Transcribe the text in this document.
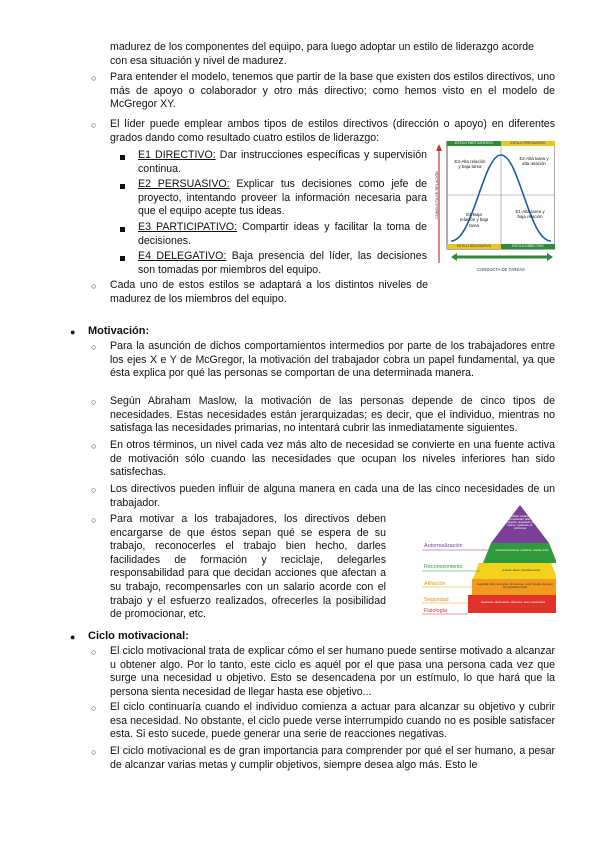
madurez de los componentes del equipo, para luego adoptar un estilo de liderazgo acorde
con esa situación y nivel de madurez.
○ Para entender el modelo, tenemos que partir de la base que existen dos estilos directivos, uno más de apoyo o colaborador y otro más directivo; como hemos visto en el modelo de McGregor XY.
○ El líder puede emplear ambos tipos de estilos directivos (dirección o apoyo) en diferentes grados dando como resultado cuatro estilos de liderazgo:
E1 DIRECTIVO: Dar instrucciones específicas y supervisión continua.
E2 PERSUASIVO: Explicar tus decisiones como jefe de proyecto, intentando proveer la información necesaria para que el equipo acepte tus ideas.
E3 PARTICIPATIVO: Compartir ideas y facilitar la toma de decisiones.
E4 DELEGATIVO: Baja presencia del líder, las decisiones son tomadas por miembros del equipo.
○ Cada uno de estos estilos se adaptará a los distintos niveles de madurez de los miembros del equipo.
ESTILO PARTICIPATIVO	ESTILO PERSUASIVO
ESTILO DELEGATIVO	ESTILO DIRECTIVO
E3-Alta relación y baja tarea
E2-Alta tarea y alta relación
E4-Baja relación y baja tarea
E1-Alta tarea y baja relación
CONDUCTA DE RELACIÓN
CONDUCTA DE TAREAS
● Motivación:
○ Para la asunción de dichos comportamientos intermedios por parte de los trabajadores entre los ejes X e Y de McGregor, la motivación del trabajador cobra un papel fundamental, ya que ésta explica por qué las personas se comportan de una determinada manera.
○ Según Abraham Maslow, la motivación de las personas depende de cinco tipos de necesidades. Estas necesidades están jerarquizadas; es decir, que el individuo, mientras no satisfaga las necesidades primarias, no intentará cubrir las inmediatamente siguientes.
○ En otros términos, un nivel cada vez más alto de necesidad se convierte en una fuente activa de motivación sólo cuando las necesidades que ocupan los niveles inferiores han sido satisfechas.
○ Los directivos pueden influir de alguna manera en cada una de las cinco necesidades de un trabajador.
○ Para motivar a los trabajadores, los directivos deben encargarse de que éstos sepan qué se espera de su trabajo, reconocerles el trabajo bien hecho, darles facilidades de formación y reciclaje, delegarles responsabilidad para que decidan acciones que afectan a su trabajo, recompensarles con un salario acorde con el trabajo y el esfuerzo realizados, ofrecerles la posibilidad de promocionar, etc.
Autorrealización
Reconocimiento
Afiliación
Seguridad
Fisiología
moralidad, creatividad, espontaneidad, falta de prejuicios, aceptación de hechos, resolución de problemas
autorreconocimiento, confianza, respeto, éxito
amistad, afecto, intimidad sexual
seguridad física, de empleo, de recursos, moral, familiar, de salud, de propiedad privada
respiración, alimentación, descanso, sexo, homeostasis
● Ciclo motivacional:
○ El ciclo motivacional trata de explicar cómo el ser humano puede sentirse motivado a alcanzar u obtener algo. Por lo tanto, este ciclo es aquél por el que pasa una persona cada vez que surge una necesidad u objetivo. Esto se desencadena por un estímulo, lo que hará que la persona sienta necesidad de llegar hasta ese objetivo...
○ El ciclo continuaría cuando el individuo comienza a actuar para alcanzar su objetivo y cubrir esa necesidad. No obstante, el ciclo puede verse interrumpido cuando no es posible satisfacer esta. Si esto sucede, puede generar una serie de reacciones negativas.
○ El ciclo motivacional es de gran importancia para comprender por qué el ser humano, a pesar de alcanzar varias metas y cumplir objetivos, siempre desea algo más. Esto le
